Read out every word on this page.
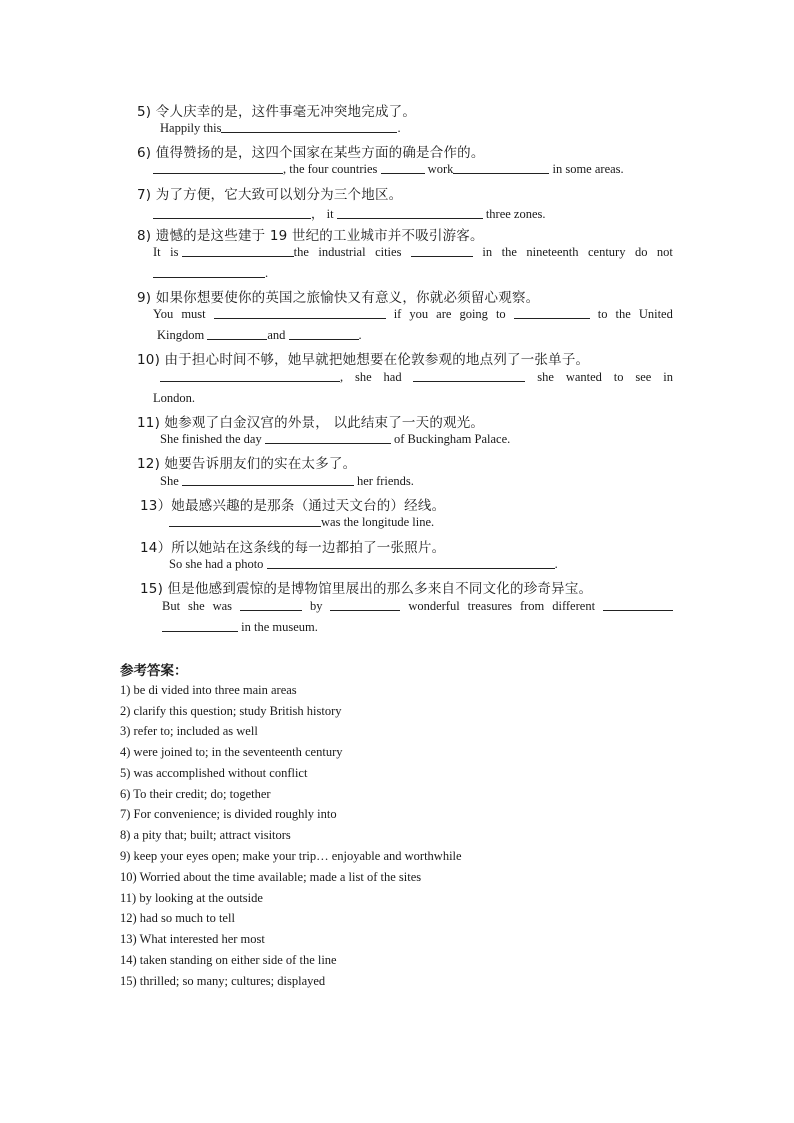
5) 令人庆幸的是，这件事毫无冲突地完成了。
Happily this	.
6) 值得赞扬的是，这四个国家在某些方面的确是合作的。
, the four countries	work	in some areas.
7) 为了方便，它大致可以划分为三个地区。
， it	three zones.
8) 遗憾的是这些建于 19 世纪的工业城市并不吸引游客。
It is	the industrial cities	in the nineteenth century do not
.
9) 如果你想要使你的英国之旅愉快又有意义，你就必须留心观察。
You must	if you are going to	to the United
Kingdom	and	.
10) 由于担心时间不够，她早就把她想要在伦敦参观的地点列了一张单子。
, she had	she wanted to see in
London.
11) 她参观了白金汉宫的外景， 以此结束了一天的观光。
She finished the day	of Buckingham Palace.
12) 她要告诉朋友们的实在太多了。
She	her friends.
13）她最感兴趣的是那条（通过天文台的）经线。
was the longitude line.
14）所以她站在这条线的每一边都拍了一张照片。
So she had a photo	.
15) 但是他感到震惊的是博物馆里展出的那么多来自不同文化的珍奇异宝。
But she was	by	wonderful treasures from different
in the museum.
参考答案：
1) be di vided into three main areas
2) clarify this question; study British history
3) refer to; included as well
4) were joined to; in the seventeenth century
5) was accomplished without conflict
6) To their credit; do; together
7) For convenience; is divided roughly into
8) a pity that; built; attract visitors
9) keep your eyes open; make your trip… enjoyable and worthwhile
10) Worried about the time available; made a list of the sites
11) by looking at the outside
12) had so much to tell
13) What interested her most
14) taken standing on either side of the line
15) thrilled; so many; cultures; displayed
